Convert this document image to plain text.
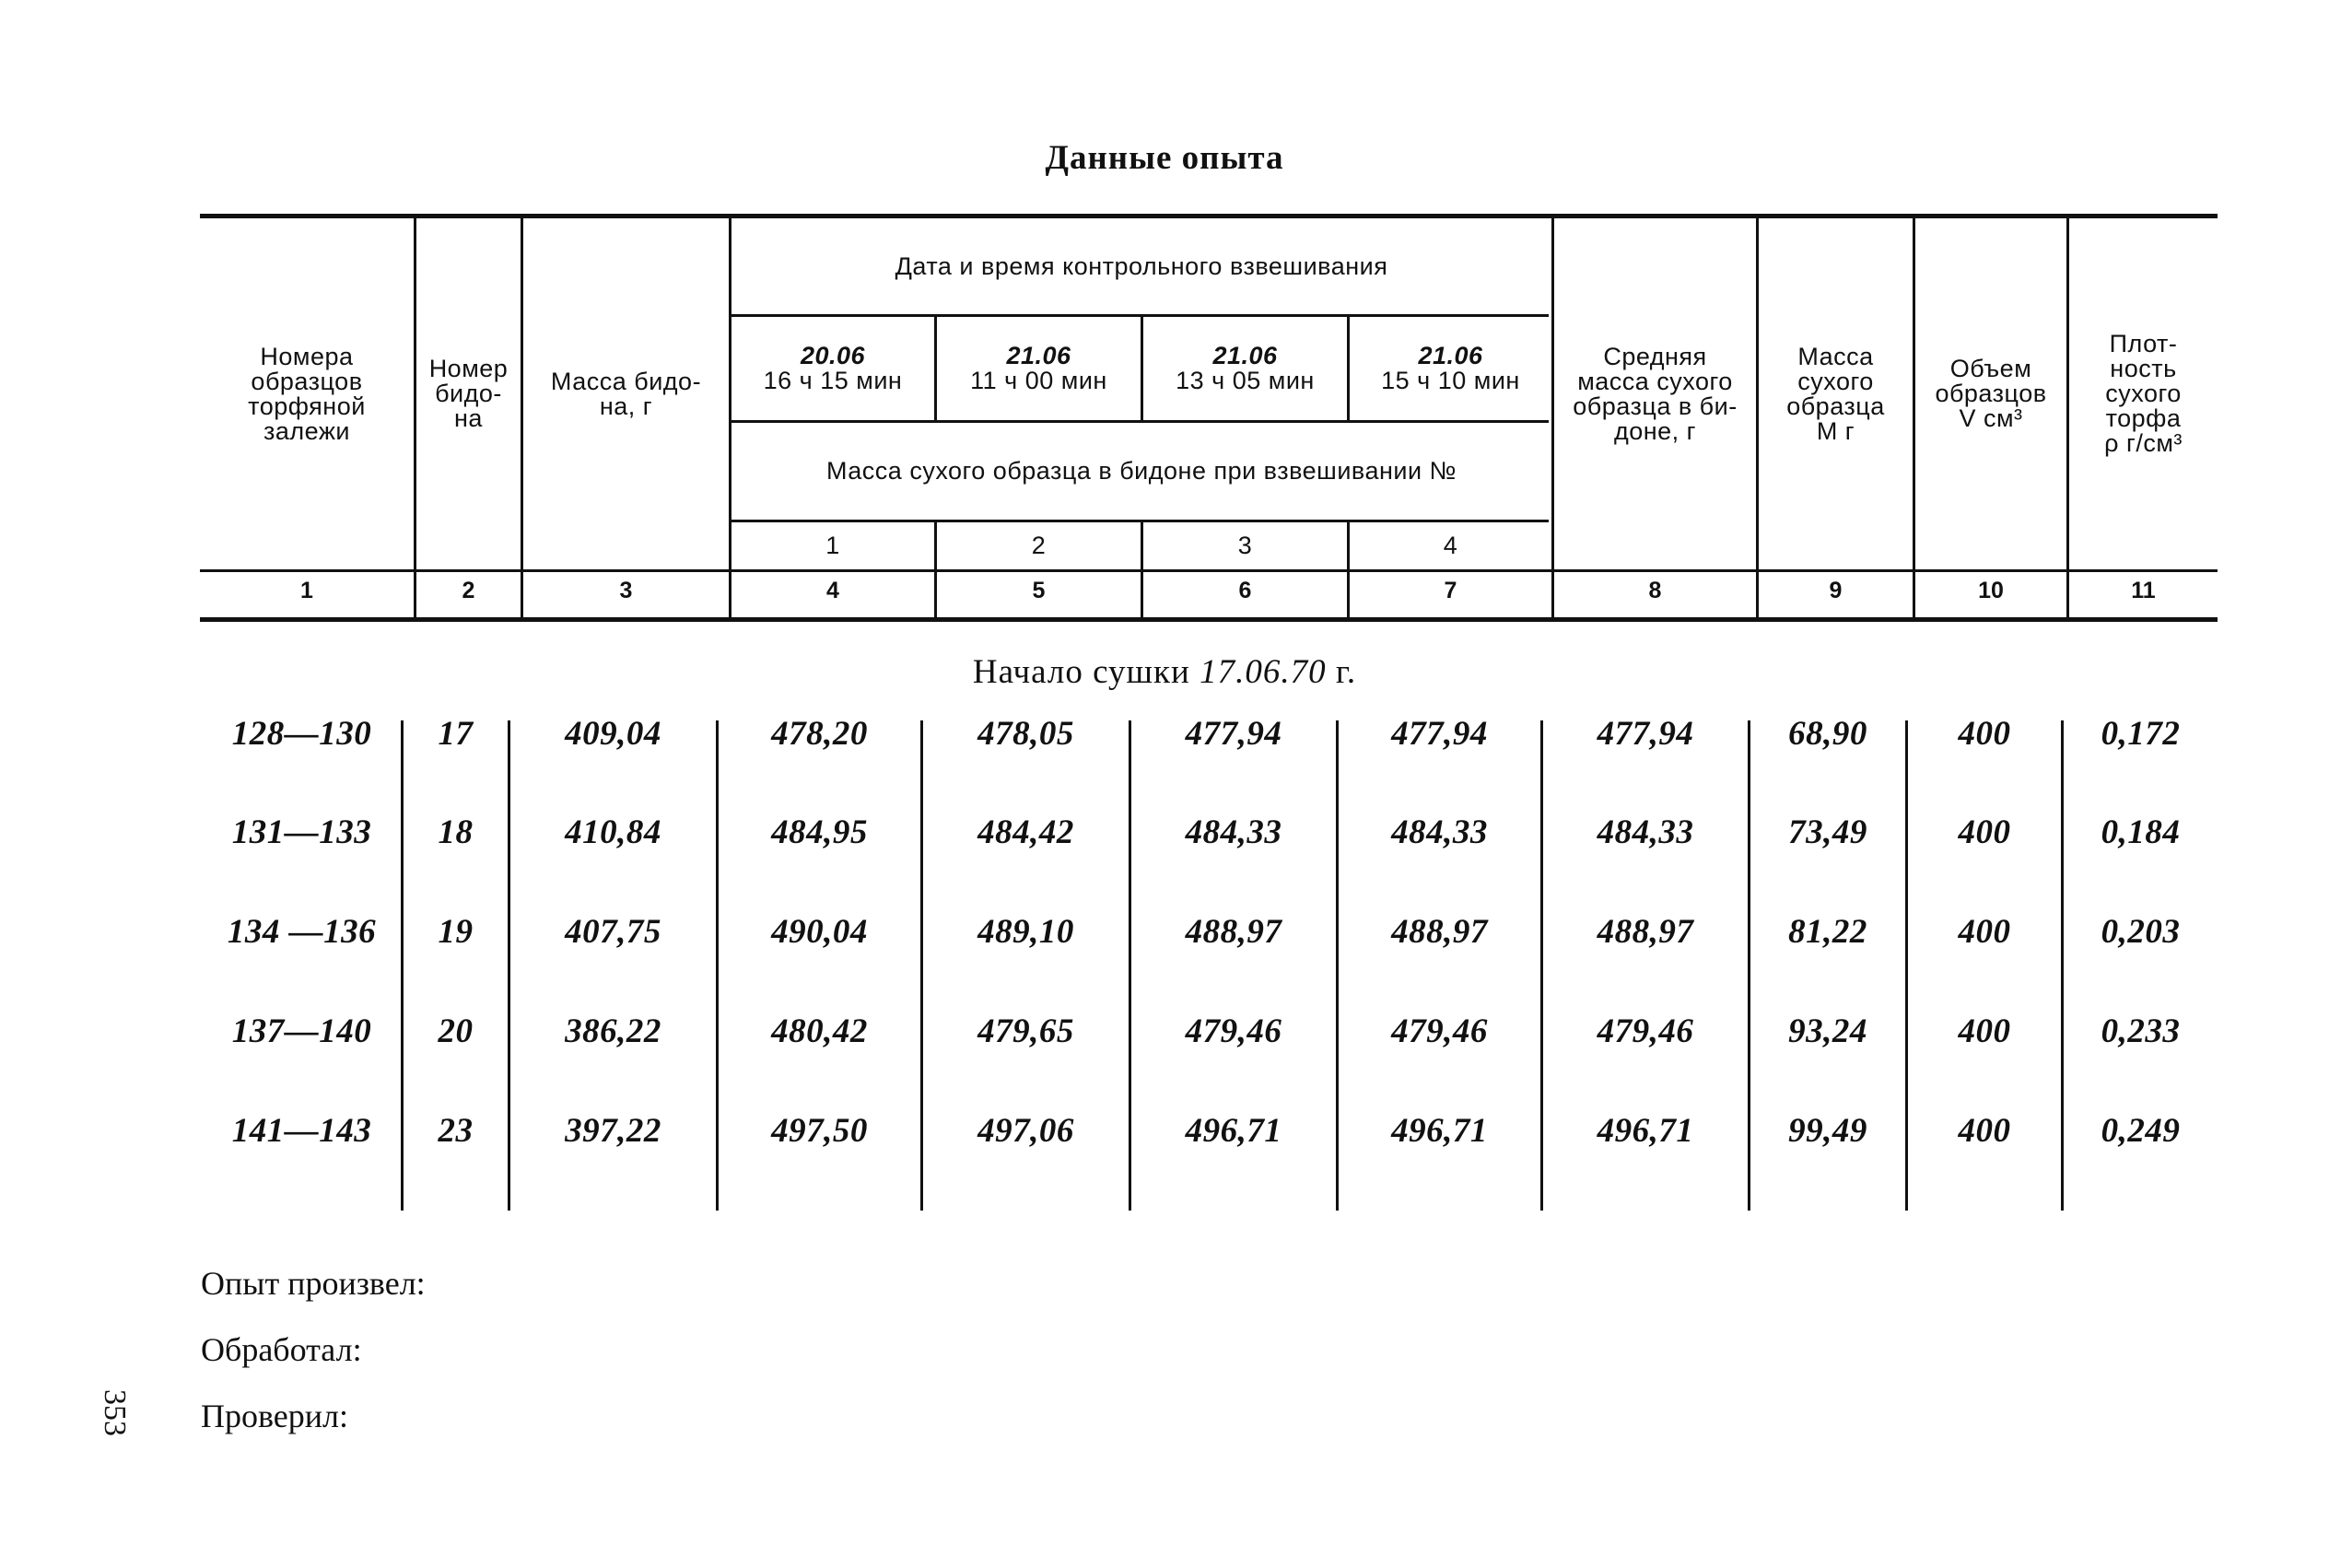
Данные опыта
Номера
образцов
торфяной
залежи
Номер
бидо-
на
Масса бидо-
на, г
Дата и время контрольного взвешивания
20.06
16 ч 15 мин
21.06
11 ч 00 мин
21.06
13 ч 05 мин
21.06
15 ч 10 мин
Масса сухого образца в бидоне при взвешивании №
1	2	3	4
Средняя
масса сухого
образца в би-
доне, г
Масса
сухого
образца
М г
Объем
образцов
V см³
Плот-
ность
сухого
торфа
ρ г/см³
1	2	3	4	5	6	7	8	9	10	11
Начало сушки 17.06.70 г.
128—130	17	409,04	478,20	478,05	477,94	477,94	477,94	68,90	400	0,172
131—133	18	410,84	484,95	484,42	484,33	484,33	484,33	73,49	400	0,184
134 —136	19	407,75	490,04	489,10	488,97	488,97	488,97	81,22	400	0,203
137—140	20	386,22	480,42	479,65	479,46	479,46	479,46	93,24	400	0,233
141—143	23	397,22	497,50	497,06	496,71	496,71	496,71	99,49	400	0,249
Опыт произвел:
Обработал:
Проверил:
353
